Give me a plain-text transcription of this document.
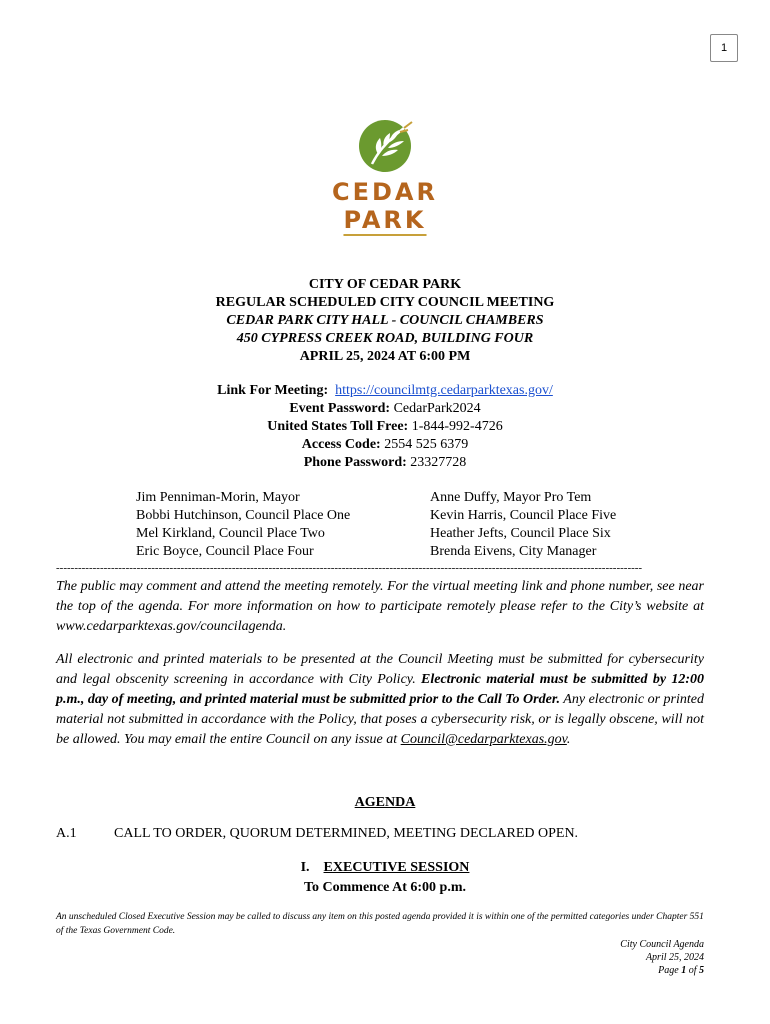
1
CEDAR
PARK
CITY OF CEDAR PARK
REGULAR SCHEDULED CITY COUNCIL MEETING
CEDAR PARK CITY HALL - COUNCIL CHAMBERS
450 CYPRESS CREEK ROAD, BUILDING FOUR
APRIL 25, 2024 AT 6:00 PM
Link For Meeting: https://councilmtg.cedarparktexas.gov/
Event Password: CedarPark2024
United States Toll Free: 1-844-992-4726
Access Code: 2554 525 6379
Phone Password: 23327728
Jim Penniman-Morin, Mayor
Bobbi Hutchinson, Council Place One
Mel Kirkland, Council Place Two
Eric Boyce, Council Place Four
Anne Duffy, Mayor Pro Tem
Kevin Harris, Council Place Five
Heather Jefts, Council Place Six
Brenda Eivens, City Manager
----------------------------------------------------------------------------------------------------------------------------------------------------------------
The public may comment and attend the meeting remotely. For the virtual meeting link and phone number, see near the top of the agenda. For more information on how to participate remotely please refer to the City’s website at www.cedarparktexas.gov/councilagenda.
All electronic and printed materials to be presented at the Council Meeting must be submitted for cybersecurity and legal obscenity screening in accordance with City Policy. Electronic material must be submitted by 12:00 p.m., day of meeting, and printed material must be submitted prior to the Call To Order. Any electronic or printed material not submitted in accordance with the Policy, that poses a cybersecurity risk, or is legally obscene, will not be allowed. You may email the entire Council on any issue at Council@cedarparktexas.gov.
AGENDA
A.1	CALL TO ORDER, QUORUM DETERMINED, MEETING DECLARED OPEN.
I. EXECUTIVE SESSION
To Commence At 6:00 p.m.
An unscheduled Closed Executive Session may be called to discuss any item on this posted agenda provided it is within one of the permitted categories under Chapter 551 of the Texas Government Code.
City Council Agenda
April 25, 2024
Page 1 of 5
